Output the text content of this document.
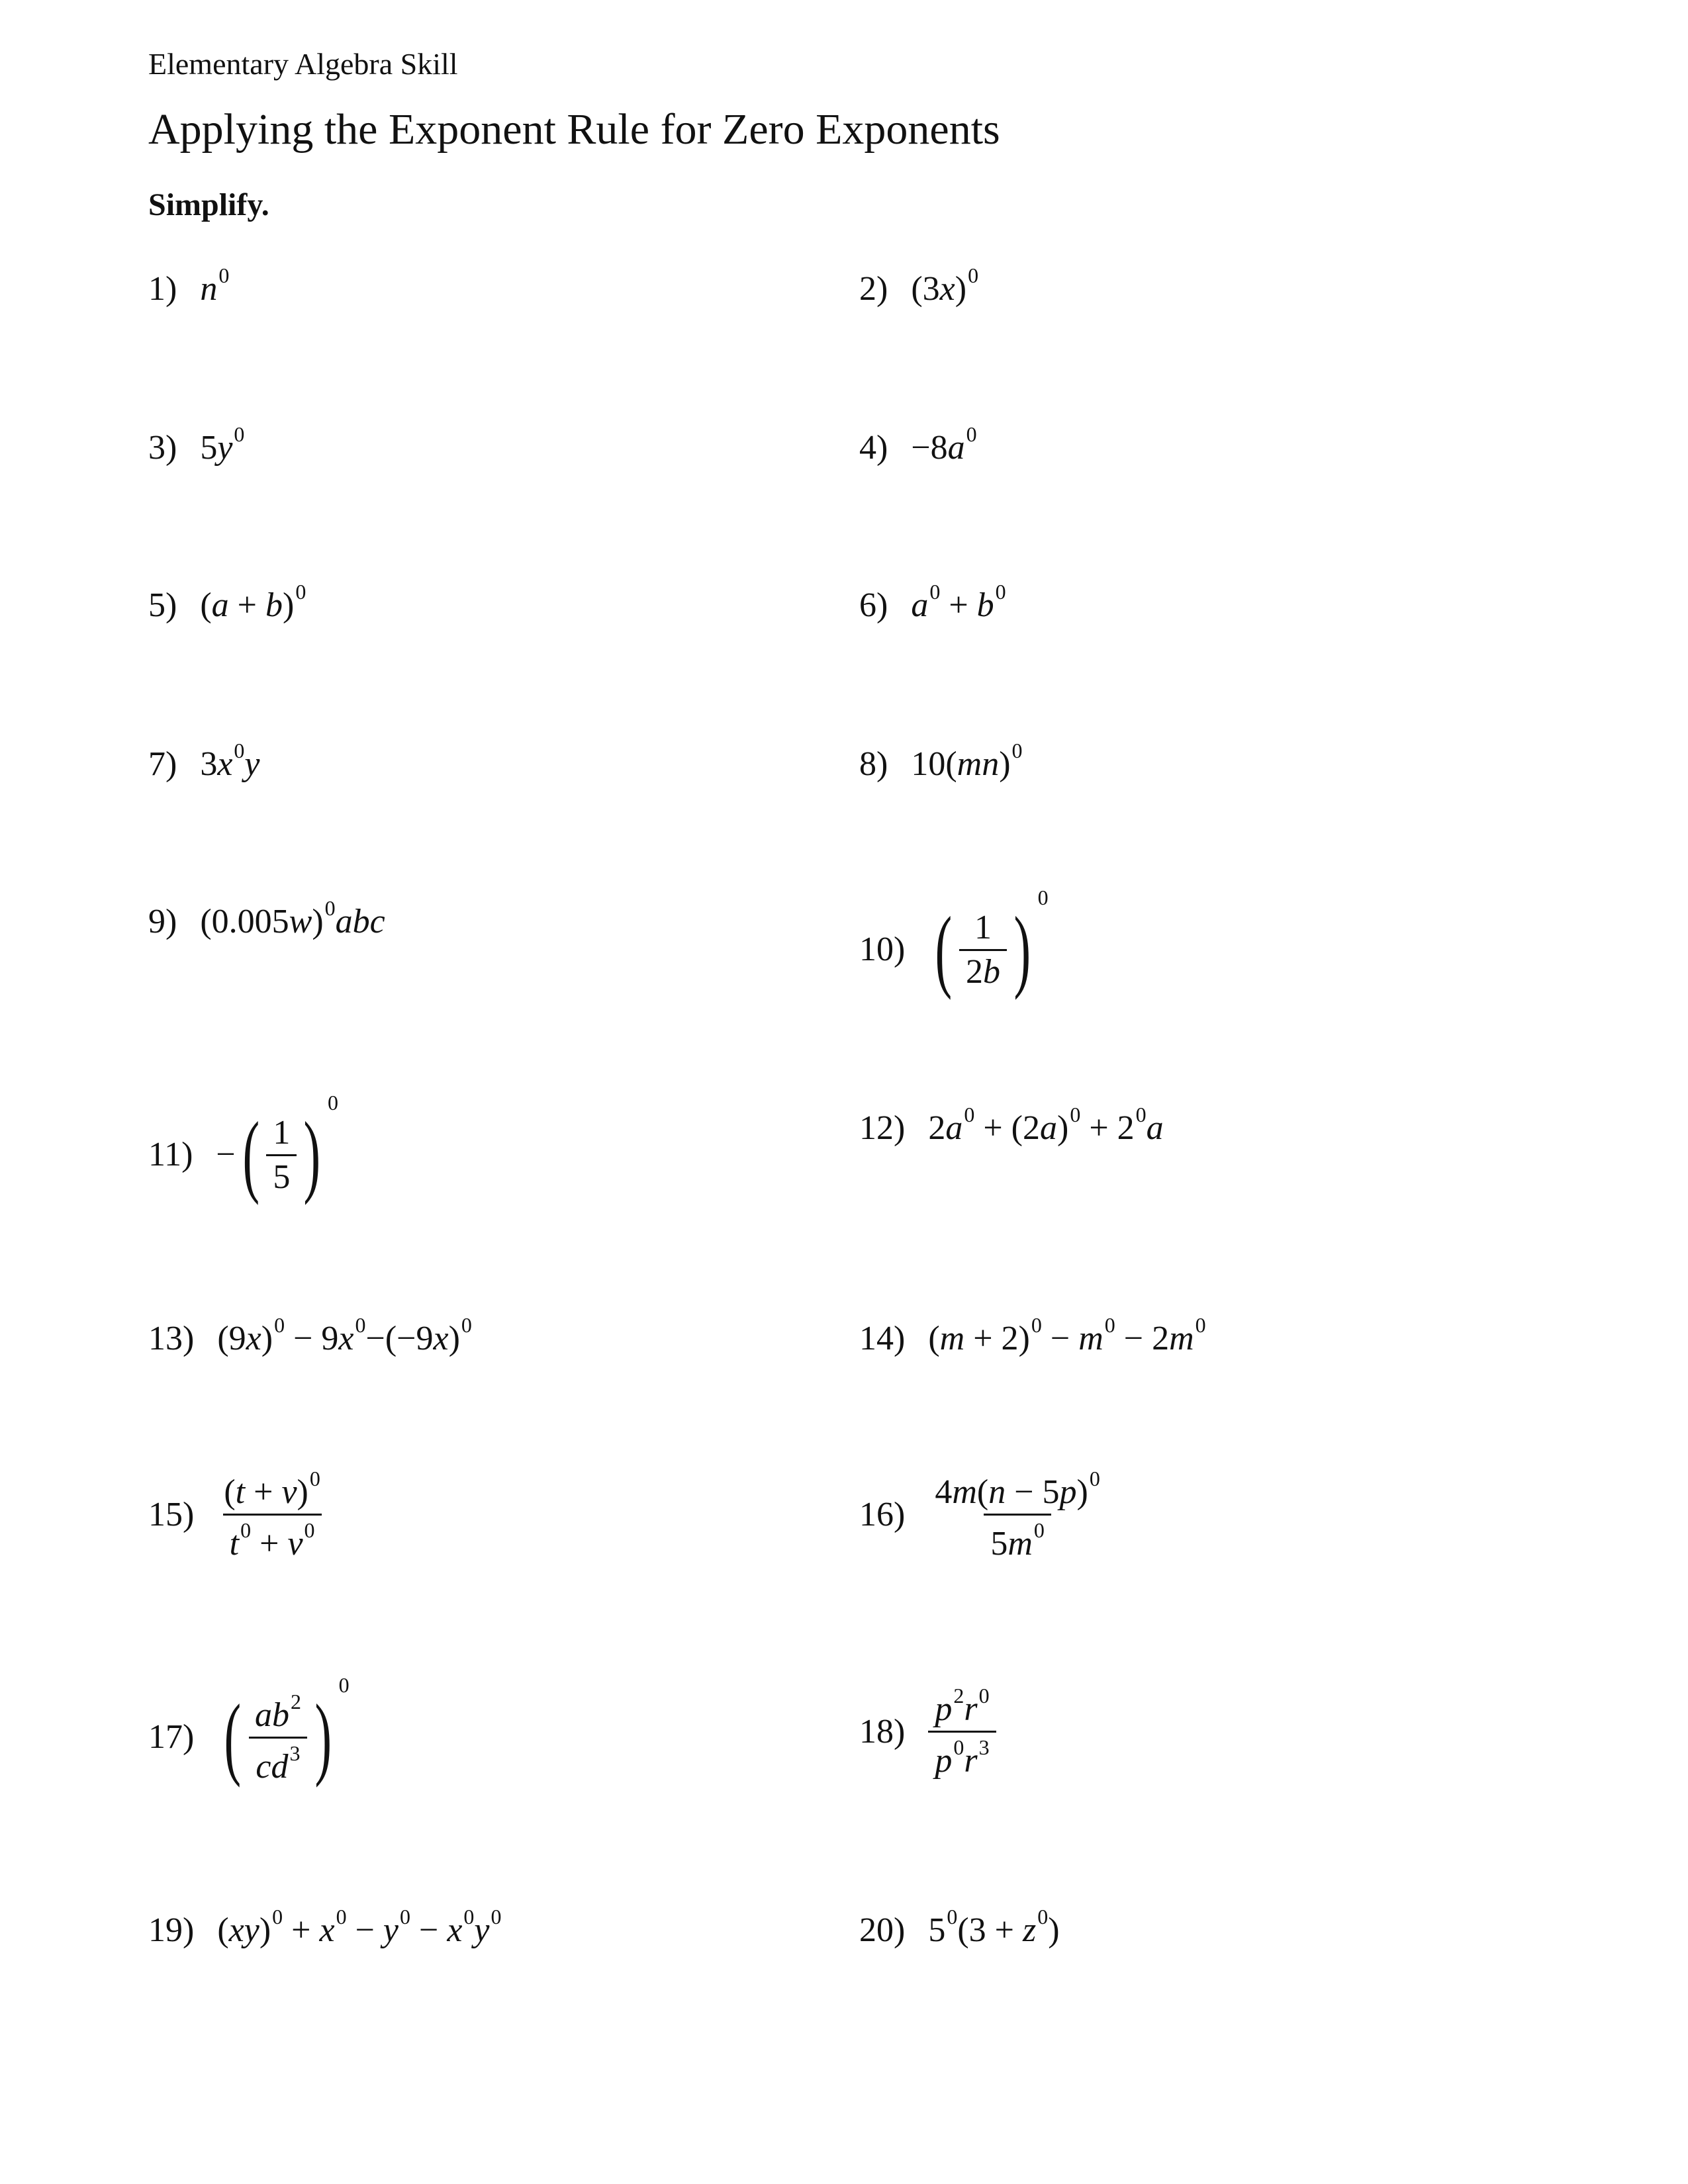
Elementary Algebra Skill
Applying the Exponent Rule for Zero Exponents
Simplify.
1) $n^0$	2) $(3x)^0$
3) $5y^0$	$4) -8a^0$
5) $(a + b)^0$	6) $a^0 + b^0$
7) $3x^0y$	8) 10(mn)$^0$
9) $(0.005w)^0abc$
10) ( $\frac{1}{2b} )^0$
11) −( $\frac{1}{5} )^0$
12) $2a^0 + (2a)^0 + 2^0a$
13) $(9x)^0 - 9x^0-(-9x)^0$	14) $(m + 2)^0 - m^0 - 2m^0$
$15) \frac{(t + v)^0}{t^0 + v^0}$	$16) \frac{4m(n - 5p)^0}{5m^0}$
17) ( $\frac{ab^2}{cd^3} )^0$
$18) \frac{p^2r^0}{p^0r^3}$
19) $(xy)^0 + x^0 - y^0 - x^0y^0$	20) $5^0(3 + z^0)$
